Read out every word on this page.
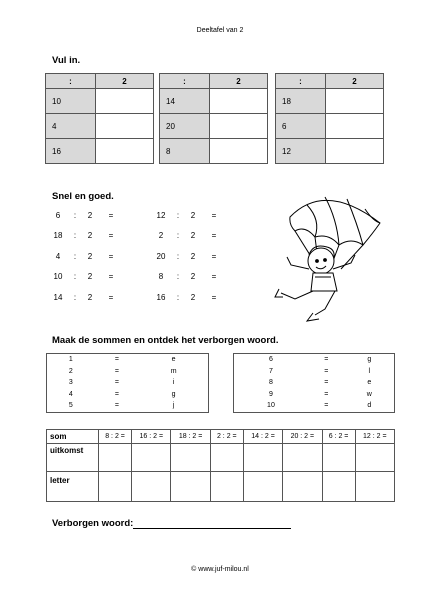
Deeltafel van 2
Vul in.
:	2
10	
4	
16	
:	2
14	
20	
8	
:	2
18	
6	
12	
Snel en goed.
6	:	2	=
18	:	2	=
4	:	2	=
10	:	2	=
14	:	2	=
12	:	2	=
2	:	2	=
20	:	2	=
8	:	2	=
16	:	2	=
Maak de sommen en ontdek het verborgen woord.
1	=	e
2	=	m
3	=	i
4	=	g
5	=	j
6	=	g
7	=	l
8	=	e
9	=	w
10	=	d
som	8 : 2 =	16 : 2 =	18 : 2 =	2 : 2 =	14 : 2 =	20 : 2 =	6 : 2 =	12 : 2 =
uitkomst								
letter								
Verborgen woord:
© www.juf-milou.nl
